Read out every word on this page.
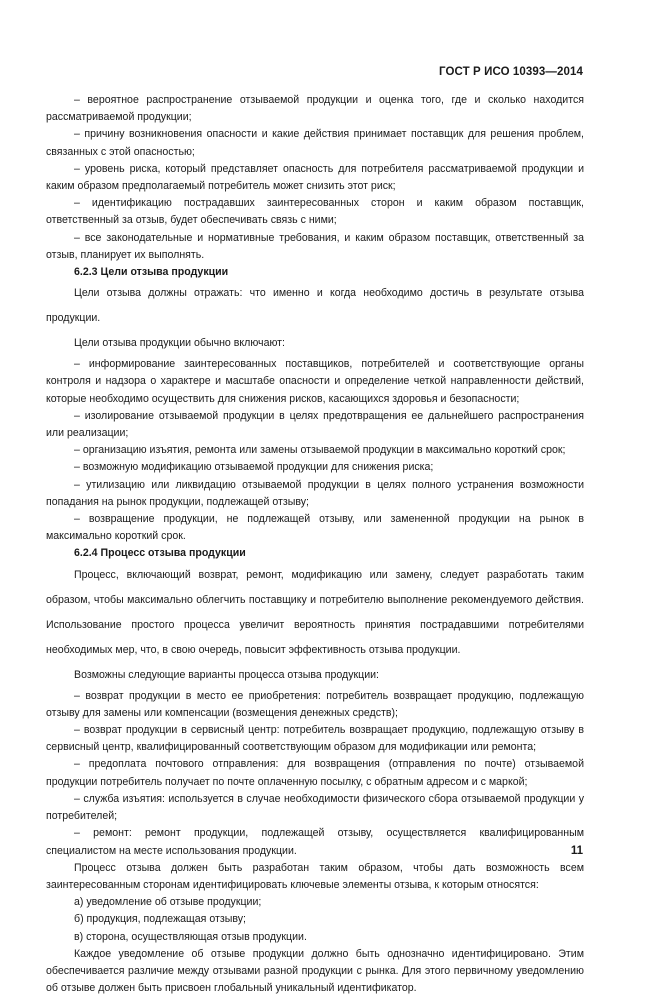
ГОСТ Р ИСО 10393—2014

– вероятное распространение отзываемой продукции и оценка того, где и сколько находится рассматриваемой продукции;

– причину возникновения опасности и какие действия принимает поставщик для решения проблем, связанных с этой опасностью;

– уровень риска, который представляет опасность для потребителя рассматриваемой продукции и каким образом предполагаемый потребитель может снизить этот риск;

– идентификацию пострадавших заинтересованных сторон и каким образом поставщик, ответственный за отзыв, будет обеспечивать связь с ними;

– все законодательные и нормативные требования, и каким образом поставщик, ответственный за отзыв, планирует их выполнять.

6.2.3 Цели отзыва продукции

Цели отзыва должны отражать: что именно и когда необходимо достичь в результате отзыва продукции.

Цели отзыва продукции обычно включают:

– информирование заинтересованных поставщиков, потребителей и соответствующие органы контроля и надзора о характере и масштабе опасности и определение четкой направленности действий, которые необходимо осуществить для снижения рисков, касающихся здоровья и безопасности;

– изолирование отзываемой продукции в целях предотвращения ее дальнейшего распространения или реализации;

– организацию изъятия, ремонта или замены отзываемой продукции в максимально короткий срок;

– возможную модификацию отзываемой продукции для снижения риска;

– утилизацию или ликвидацию отзываемой продукции в целях полного устранения возможности попадания на рынок продукции, подлежащей отзыву;

– возвращение продукции, не подлежащей отзыву, или замененной продукции на рынок в максимально короткий срок.

6.2.4 Процесс отзыва продукции

Процесс, включающий возврат, ремонт, модификацию или замену, следует разработать таким образом, чтобы максимально облегчить поставщику и потребителю выполнение рекомендуемого действия. Использование простого процесса увеличит вероятность принятия пострадавшими потребителями необходимых мер, что, в свою очередь, повысит эффективность отзыва продукции.

Возможны следующие варианты процесса отзыва продукции:

– возврат продукции в место ее приобретения: потребитель возвращает продукцию, подлежащую отзыву для замены или компенсации (возмещения денежных средств);

– возврат продукции в сервисный центр: потребитель возвращает продукцию, подлежащую отзыву в сервисный центр, квалифицированный соответствующим образом для модификации или ремонта;

– предоплата почтового отправления: для возвращения (отправления по почте) отзываемой продукции потребитель получает по почте оплаченную посылку, с обратным адресом и с маркой;

– служба изъятия: используется в случае необходимости физического сбора отзываемой продукции у потребителей;

– ремонт: ремонт продукции, подлежащей отзыву, осуществляется квалифицированным специалистом на месте использования продукции.

Процесс отзыва должен быть разработан таким образом, чтобы дать возможность всем заинтересованным сторонам идентифицировать ключевые элементы отзыва, к которым относятся:

а) уведомление об отзыве продукции;

б) продукция, подлежащая отзыву;

в) сторона, осуществляющая отзыв продукции.

Каждое уведомление об отзыве продукции должно быть однозначно идентифицировано. Этим обеспечивается различие между отзывами разной продукции с рынка. Для этого первичному уведомлению об отзыве должен быть присвоен глобальный уникальный идентификатор.

11
